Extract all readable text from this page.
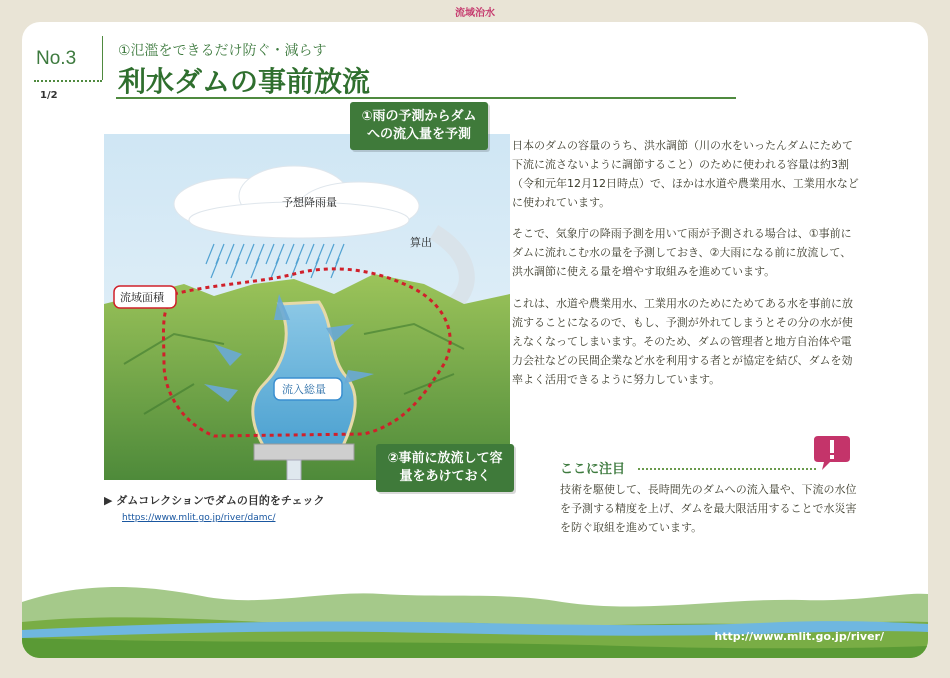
流域治水
No.3
1/2
①氾濫をできるだけ防ぐ・減らす
利水ダムの事前放流
予想降雨量
算出
流域面積
流入総量
①雨の予測からダムへの流入量を予測
②事前に放流して容量をあけておく
日本のダムの容量のうち、洪水調節（川の水をいったんダムにためて下流に流さないように調節すること）のために使われる容量は約3割（令和元年12月12日時点）で、ほかは水道や農業用水、工業用水などに使われています。
そこで、気象庁の降雨予測を用いて雨が予測される場合は、①事前にダムに流れこむ水の量を予測しておき、②大雨になる前に放流して、洪水調節に使える量を増やす取組みを進めています。
これは、水道や農業用水、工業用水のためにためてある水を事前に放流することになるので、もし、予測が外れてしまうとその分の水が使えなくなってしまいます。そのため、ダムの管理者と地方自治体や電力会社などの民間企業など水を利用する者とが協定を結び、ダムを効率よく活用できるように努力しています。
▶ ダムコレクションでダムの目的をチェック
https://www.mlit.go.jp/river/damc/
ここに注目
技術を駆使して、長時間先のダムへの流入量や、下流の水位を予測する精度を上げ、ダムを最大限活用することで水災害を防ぐ取組を進めています。
http://www.mlit.go.jp/river/
